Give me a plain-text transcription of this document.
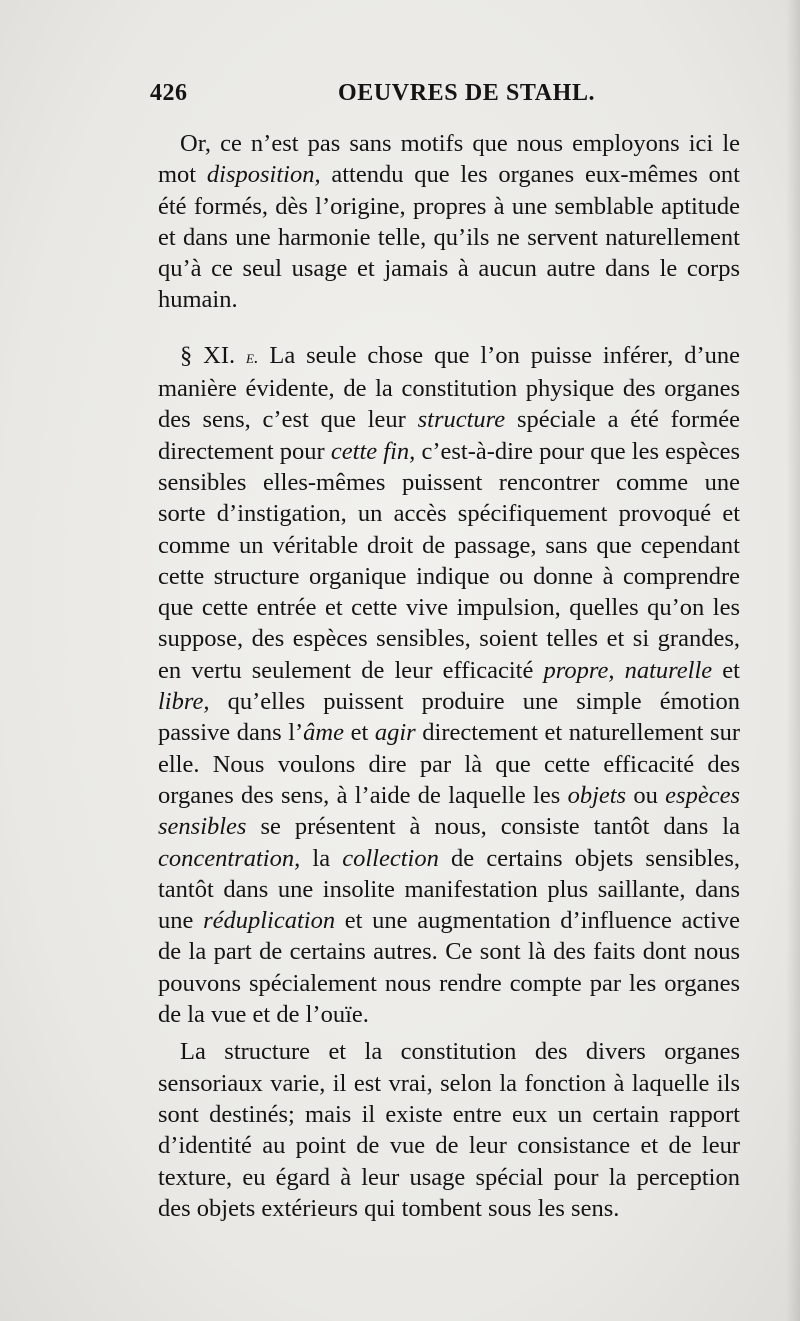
426	OEUVRES DE STAHL.

Or, ce n’est pas sans motifs que nous employons ici le mot disposition, attendu que les organes eux-mêmes ont été formés, dès l’origine, propres à une semblable aptitude et dans une harmonie telle, qu’ils ne servent naturellement qu’à ce seul usage et jamais à aucun autre dans le corps humain.

§ XI. e. La seule chose que l’on puisse inférer, d’une manière évidente, de la constitution physique des organes des sens, c’est que leur structure spéciale a été formée directement pour cette fin, c’est-à-dire pour que les espèces sensibles elles-mêmes puissent rencontrer comme une sorte d’instigation, un accès spécifiquement provoqué et comme un véritable droit de passage, sans que cependant cette structure organique indique ou donne à comprendre que cette entrée et cette vive impulsion, quelles qu’on les suppose, des espèces sensibles, soient telles et si grandes, en vertu seulement de leur efficacité propre, naturelle et libre, qu’elles puissent produire une simple émotion passive dans l’âme et agir directement et naturellement sur elle. Nous voulons dire par là que cette efficacité des organes des sens, à l’aide de laquelle les objets ou espèces sensibles se présentent à nous, consiste tantôt dans la concentration, la collection de certains objets sensibles, tantôt dans une insolite manifestation plus saillante, dans une réduplication et une augmentation d’influence active de la part de certains autres. Ce sont là des faits dont nous pouvons spécialement nous rendre compte par les organes de la vue et de l’ouïe.

La structure et la constitution des divers organes sensoriaux varie, il est vrai, selon la fonction à laquelle ils sont destinés; mais il existe entre eux un certain rapport d’identité au point de vue de leur consistance et de leur texture, eu égard à leur usage spécial pour la perception des objets extérieurs qui tombent sous les sens.
